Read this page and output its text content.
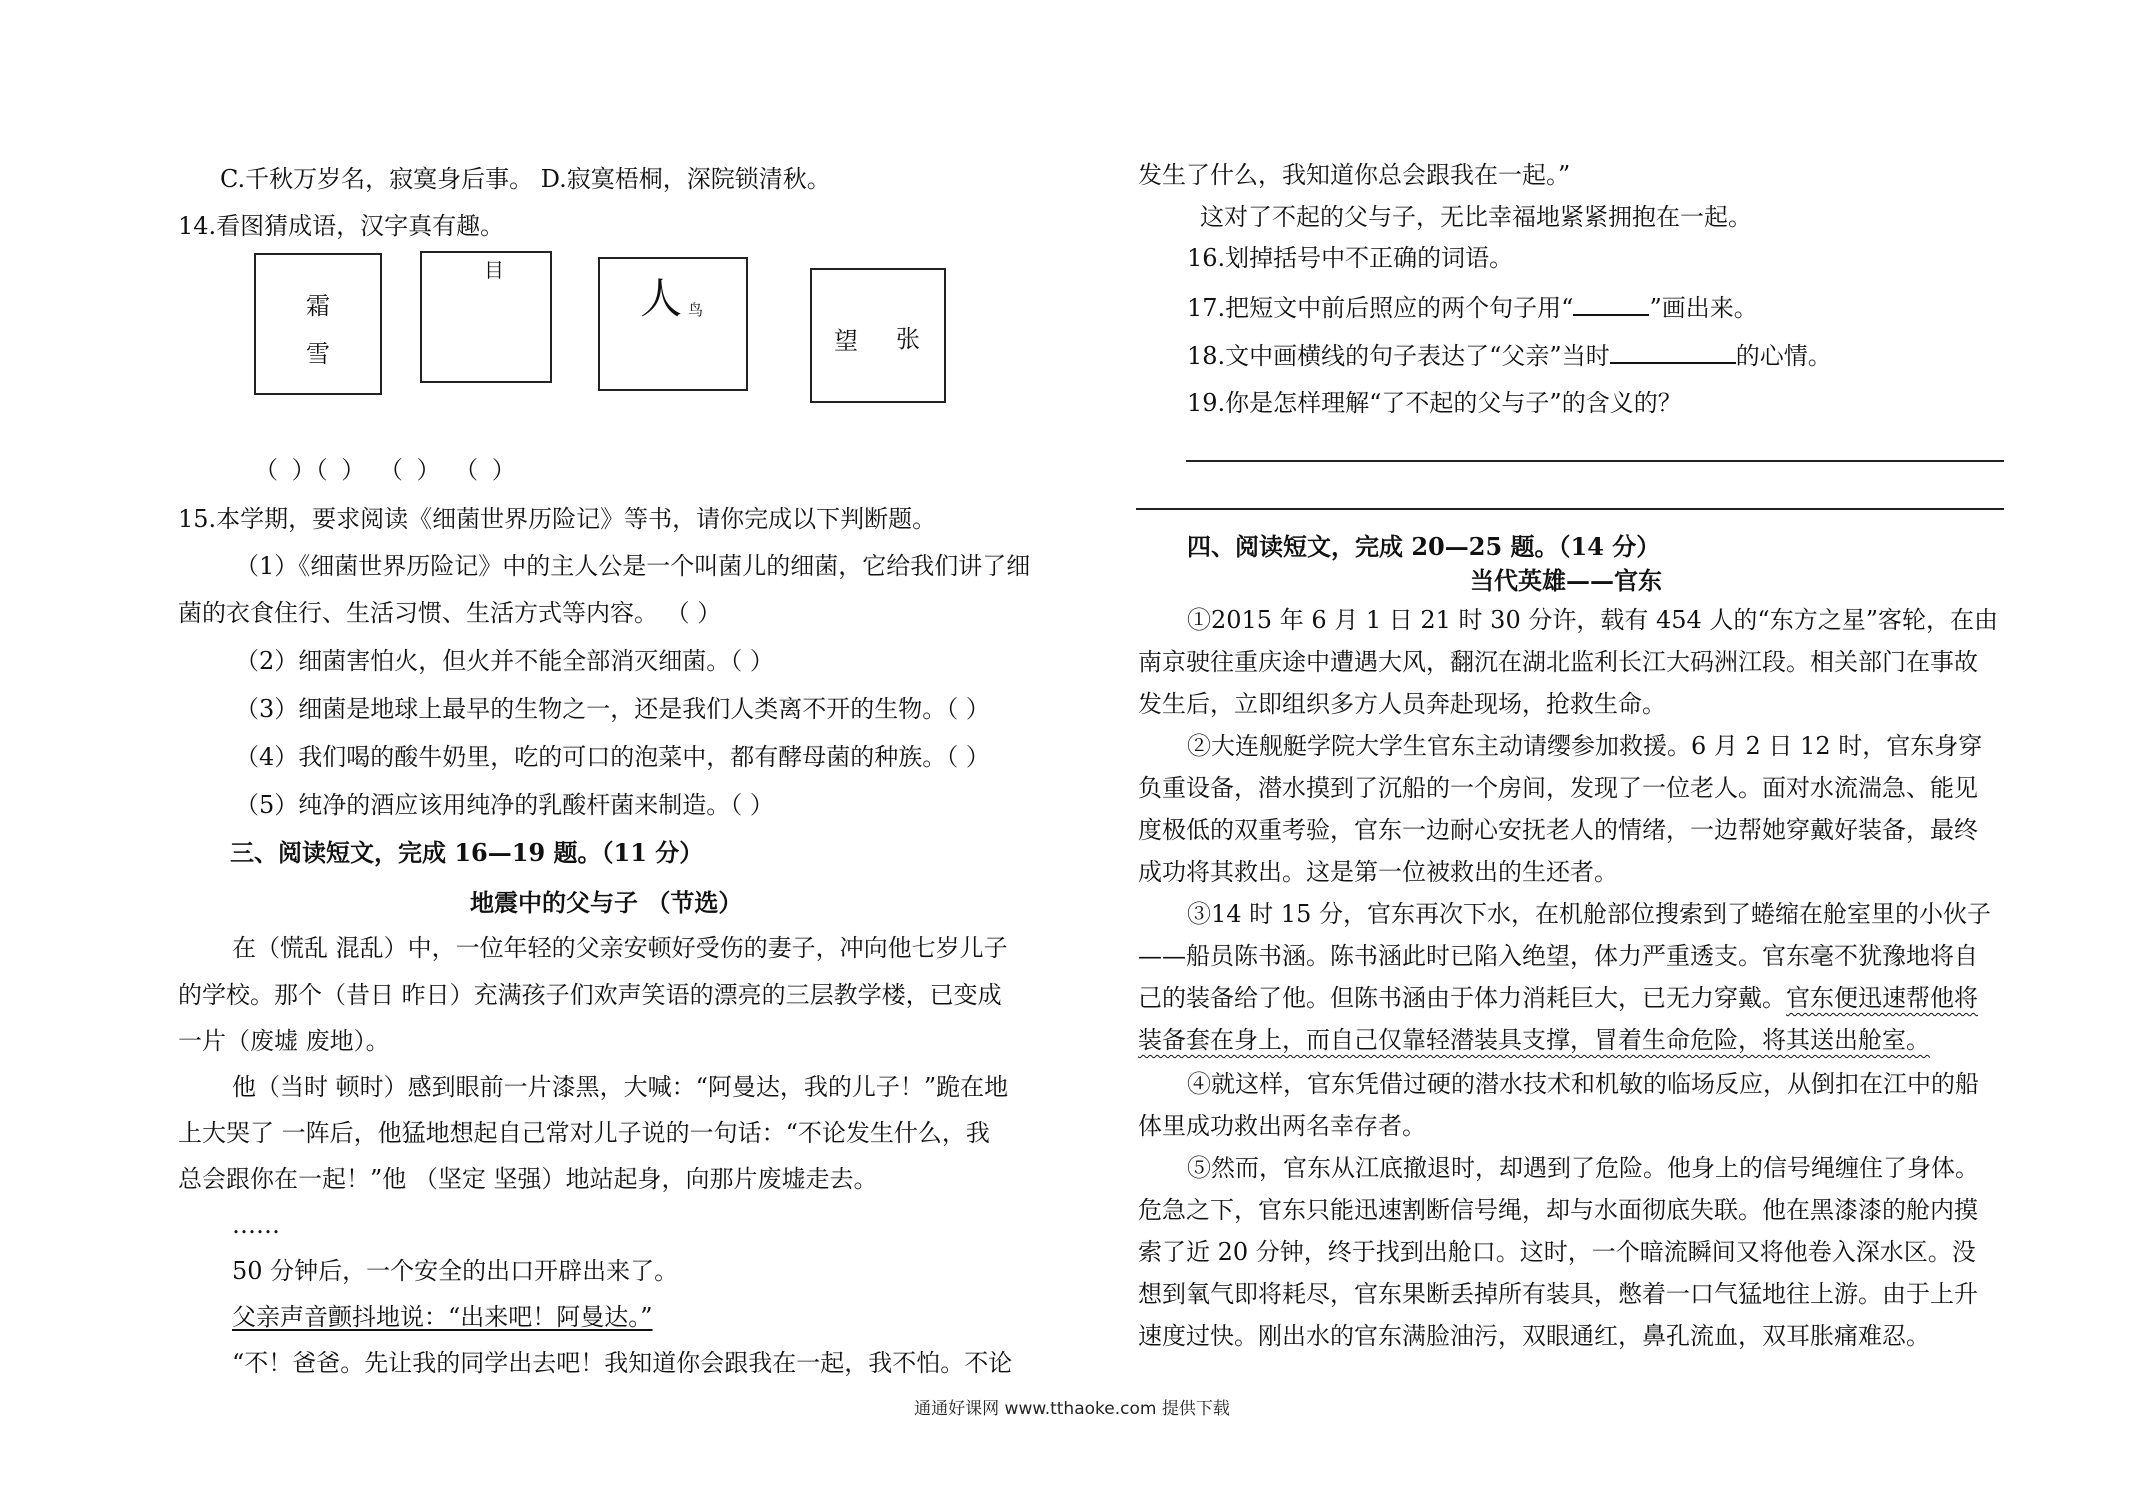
C.千秋万岁名，寂寞身后事。 D.寂寞梧桐，深院锁清秋。
14.看图猜成语，汉字真有趣。
霜
雪
目
人 鸟
望 张
（ ）（ ） （ ） （ ）
15.本学期，要求阅读《细菌世界历险记》等书，请你完成以下判断题。
（1）《细菌世界历险记》中的主人公是一个叫菌儿的细菌，它给我们讲了细
菌的衣食住行、生活习惯、生活方式等内容。 （ ）
（2）细菌害怕火，但火并不能全部消灭细菌。（ ）
（3）细菌是地球上最早的生物之一，还是我们人类离不开的生物。（ ）
（4）我们喝的酸牛奶里，吃的可口的泡菜中，都有酵母菌的种族。（ ）
（5）纯净的酒应该用纯净的乳酸杆菌来制造。（ ）
三、阅读短文，完成 16—19 题。（11 分）
地震中的父与子 （节选）
在（慌乱 混乱）中，一位年轻的父亲安顿好受伤的妻子，冲向他七岁儿子
的学校。那个（昔日 昨日）充满孩子们欢声笑语的漂亮的三层教学楼，已变成
一片（废墟 废地）。
他（当时 顿时）感到眼前一片漆黑，大喊：“阿曼达，我的儿子！”跪在地
上大哭了 一阵后，他猛地想起自己常对儿子说的一句话：“不论发生什么，我
总会跟你在一起！”他 （坚定 坚强）地站起身，向那片废墟走去。
……
50 分钟后，一个安全的出口开辟出来了。
父亲声音颤抖地说：“出来吧！阿曼达。”
“不！爸爸。先让我的同学出去吧！我知道你会跟我在一起，我不怕。不论
发生了什么，我知道你总会跟我在一起。”
这对了不起的父与子，无比幸福地紧紧拥抱在一起。
16.划掉括号中不正确的词语。
17.把短文中前后照应的两个句子用“	”画出来。
18.文中画横线的句子表达了“父亲”当时	的心情。
19.你是怎样理解“了不起的父与子”的含义的？
四、阅读短文，完成 20—25 题。（14 分）
当代英雄——官东
①2015 年 6 月 1 日 21 时 30 分许，载有 454 人的“东方之星”客轮，在由
南京驶往重庆途中遭遇大风，翻沉在湖北监利长江大码洲江段。相关部门在事故
发生后，立即组织多方人员奔赴现场，抢救生命。
②大连舰艇学院大学生官东主动请缨参加救援。6 月 2 日 12 时，官东身穿
负重设备，潜水摸到了沉船的一个房间，发现了一位老人。面对水流湍急、能见
度极低的双重考验，官东一边耐心安抚老人的情绪，一边帮她穿戴好装备，最终
成功将其救出。这是第一位被救出的生还者。
③14 时 15 分，官东再次下水，在机舱部位搜索到了蜷缩在舱室里的小伙子
——船员陈书涵。陈书涵此时已陷入绝望，体力严重透支。官东毫不犹豫地将自
己的装备给了他。但陈书涵由于体力消耗巨大，已无力穿戴。官东便迅速帮他将
装备套在身上，而自己仅靠轻潜装具支撑，冒着生命危险，将其送出舱室。
④就这样，官东凭借过硬的潜水技术和机敏的临场反应，从倒扣在江中的船
体里成功救出两名幸存者。
⑤然而，官东从江底撤退时，却遇到了危险。他身上的信号绳缠住了身体。
危急之下，官东只能迅速割断信号绳，却与水面彻底失联。他在黑漆漆的舱内摸
索了近 20 分钟，终于找到出舱口。这时，一个暗流瞬间又将他卷入深水区。没
想到氧气即将耗尽，官东果断丢掉所有装具，憋着一口气猛地往上游。由于上升
速度过快。刚出水的官东满脸油污，双眼通红，鼻孔流血，双耳胀痛难忍。
通通好课网 www.tthaoke.com 提供下载
